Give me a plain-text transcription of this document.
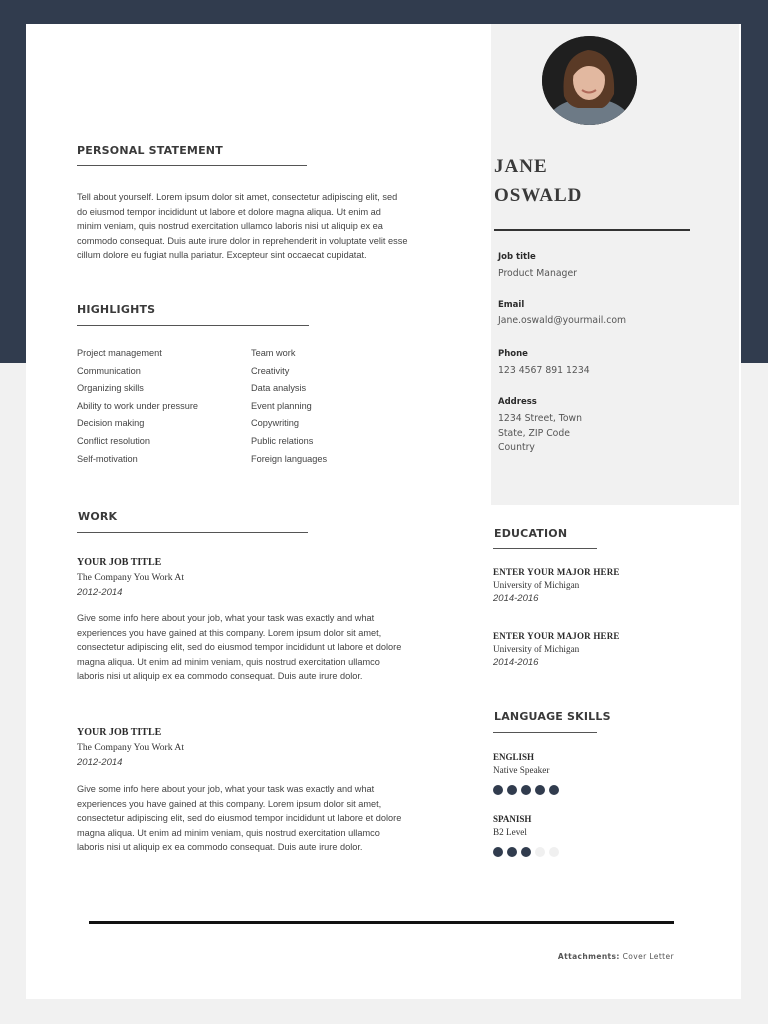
JANE
OSWALD
Job title
Product Manager
Email
Jane.oswald@yourmail.com
Phone
123 4567 891 1234
Address
1234 Street, Town
State, ZIP Code
Country
PERSONAL STATEMENT
Tell about yourself. Lorem ipsum dolor sit amet, consectetur adipiscing elit, sed
do eiusmod tempor incididunt ut labore et dolore magna aliqua. Ut enim ad
minim veniam, quis nostrud exercitation ullamco laboris nisi ut aliquip ex ea
commodo consequat. Duis aute irure dolor in reprehenderit in voluptate velit esse
cillum dolore eu fugiat nulla pariatur. Excepteur sint occaecat cupidatat.
HIGHLIGHTS
Project management
Communication
Organizing skills
Ability to work under pressure
Decision making
Conflict resolution
Self-motivation
Team work
Creativity
Data analysis
Event planning
Copywriting
Public relations
Foreign languages
WORK
YOUR JOB TITLE
The Company You Work At
2012-2014
Give some info here about your job, what your task was exactly and what
experiences you have gained at this company. Lorem ipsum dolor sit amet,
consectetur adipiscing elit, sed do eiusmod tempor incididunt ut labore et dolore
magna aliqua. Ut enim ad minim veniam, quis nostrud exercitation ullamco
laboris nisi ut aliquip ex ea commodo consequat. Duis aute irure dolor.
YOUR JOB TITLE
The Company You Work At
2012-2014
Give some info here about your job, what your task was exactly and what
experiences you have gained at this company. Lorem ipsum dolor sit amet,
consectetur adipiscing elit, sed do eiusmod tempor incididunt ut labore et dolore
magna aliqua. Ut enim ad minim veniam, quis nostrud exercitation ullamco
laboris nisi ut aliquip ex ea commodo consequat. Duis aute irure dolor.
EDUCATION
ENTER YOUR MAJOR HERE
University of Michigan
2014-2016
ENTER YOUR MAJOR HERE
University of Michigan
2014-2016
LANGUAGE SKILLS
ENGLISH
Native Speaker
SPANISH
B2 Level
Attachments: Cover Letter
